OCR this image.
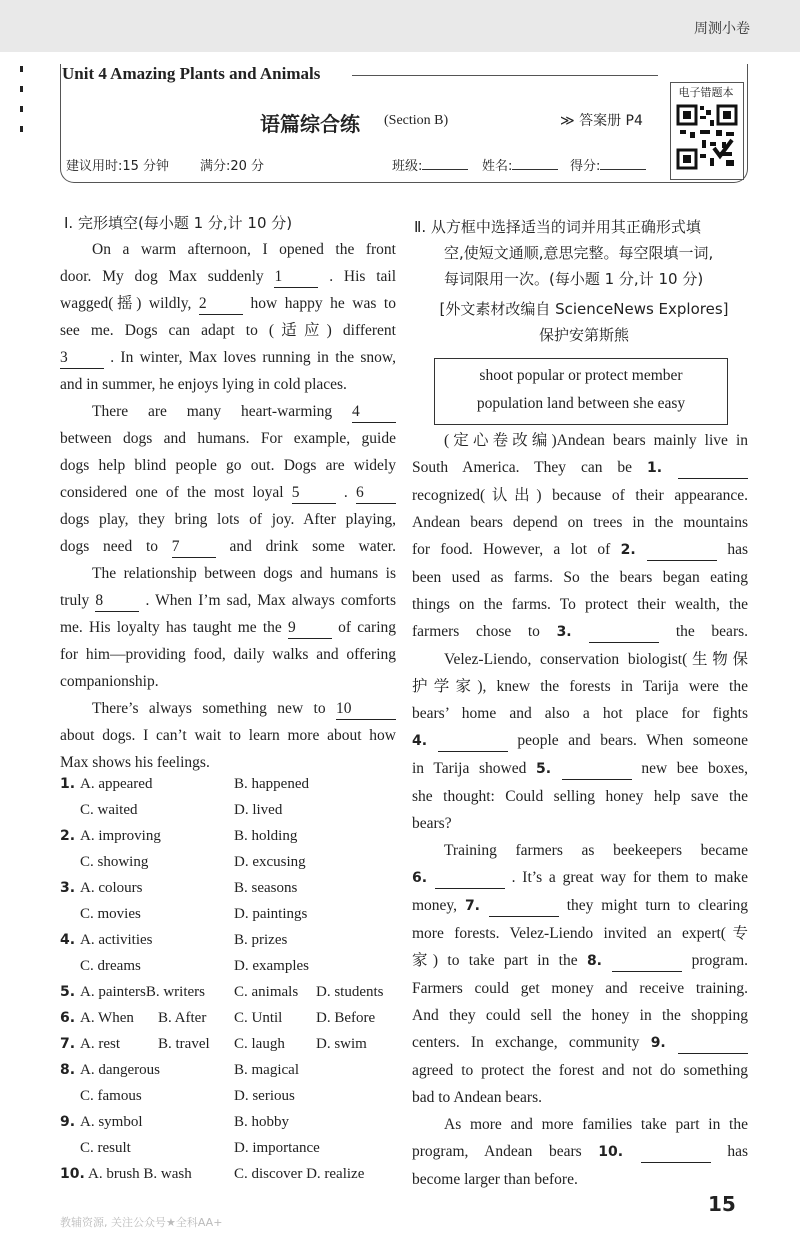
周测小卷
Unit 4 Amazing Plants and Animals
语篇综合练 (Section B)	≫ 答案册 P4
电子错题本
建议用时:15 分钟 满分:20 分	班级:	姓名:	得分:
Ⅰ. 完形填空(每小题 1 分,计 10 分)
On a warm afternoon, I opened the front
door. My dog Max suddenly 1 . His tail
wagged(摇) wildly, 2 how happy he was to
see me. Dogs can adapt to (适应) different
3 . In winter, Max loves running in the snow,
and in summer, he enjoys lying in cold places.
There are many heart-warming 4
between dogs and humans. For example, guide
dogs help blind people go out. Dogs are widely
considered one of the most loyal 5 . 6
dogs play, they bring lots of joy. After playing,
dogs need to 7 and drink some water.
The relationship between dogs and humans is
truly 8 . When I’m sad, Max always comforts
me. His loyalty has taught me the 9 of caring
for him—providing food, daily walks and offering
companionship.
There’s always something new to 10
about dogs. I can’t wait to learn more about how
Max shows his feelings.
1. A. appeared	B. happened
C. waited	D. lived
2. A. improving	B. holding
C. showing	D. excusing
3. A. colours	B. seasons
C. movies	D. paintings
4. A. activities	B. prizes
C. dreams	D. examples
5. A. paintersB. writers C. animals D. students
6. A. When B. After C. Until D. Before
7. A. rest	B. travel C. laugh D. swim
8. A. dangerous	B. magical
C. famous	D. serious
9. A. symbol	B. hobby
C. result	D. importance
10. A. brush B. wash	C. discover D. realize
Ⅱ. 从方框中选择适当的词并用其正确形式填
空,使短文通顺,意思完整。每空限填一词,
每词限用一次。(每小题 1 分,计 10 分)
[外文素材改编自 ScienceNews Explores]
保护安第斯熊
shoot popular or protect member
population land between she easy
(定心卷改编)Andean bears mainly live in
South America. They can be 1.
recognized(认出) because of their appearance.
Andean bears depend on trees in the mountains
for food. However, a lot of 2.	has
been used as farms. So the bears began eating
things on the farms. To protect their wealth, the
farmers chose to 3.	the bears.
Velez-Liendo, conservation biologist(生物保
护学家), knew the forests in Tarija were the
bears’ home and also a hot place for fights
4.	people and bears. When someone
in Tarija showed 5.	new bee boxes,
she thought: Could selling honey help save the
bears?
Training farmers as beekeepers became
6.	. It’s a great way for them to make
money, 7.	they might turn to clearing
more forests. Velez-Liendo invited an expert(专
家) to take part in the 8.	program.
Farmers could get money and receive training.
And they could sell the honey in the shopping
centers. In exchange, community 9.
agreed to protect the forest and not do something
bad to Andean bears.
As more and more families take part in the
program, Andean bears 10.	has
become larger than before.
教辅资源, 关注公众号★全科AA+
15
